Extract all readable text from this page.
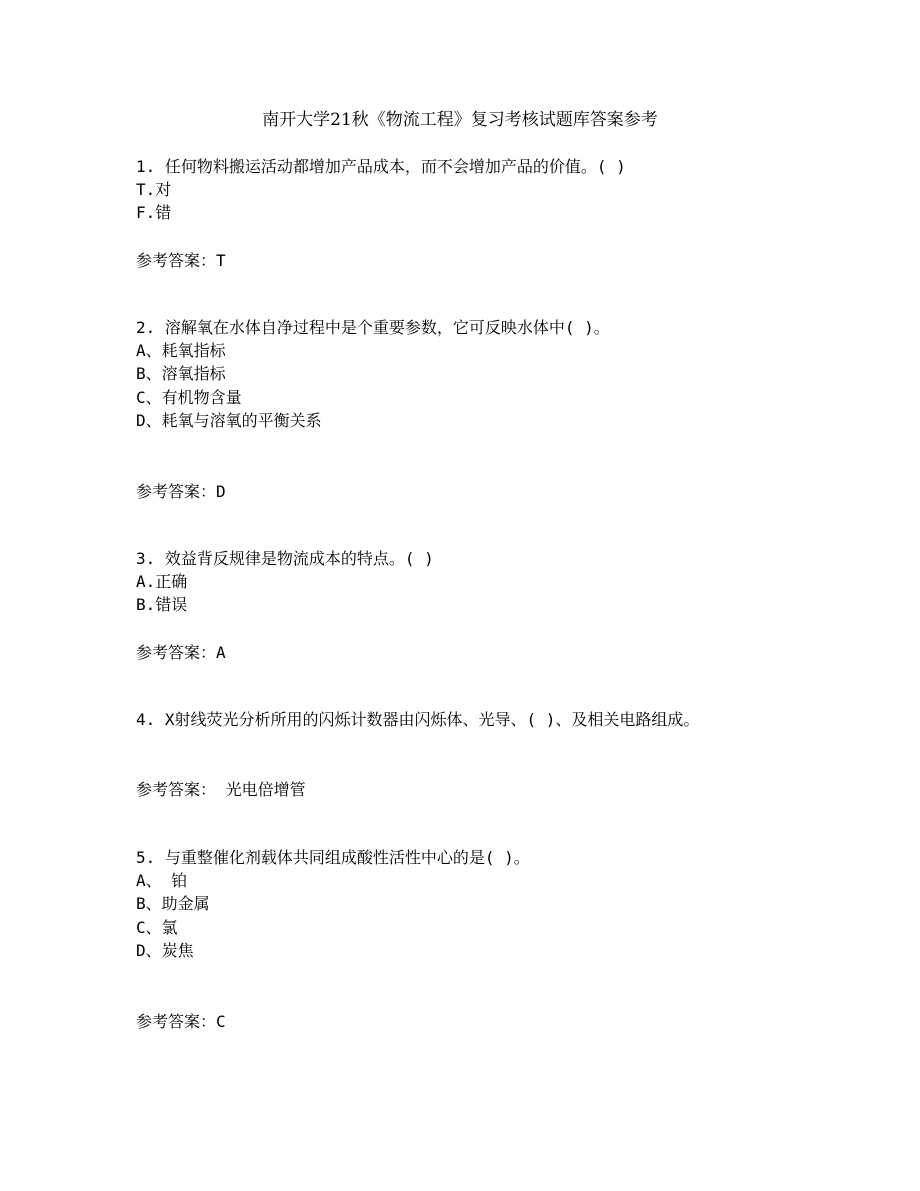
南开大学21秋《物流工程》复习考核试题库答案参考
1. 任何物料搬运活动都增加产品成本，而不会增加产品的价值。( )
T.对
F.错
参考答案：T
2. 溶解氧在水体自净过程中是个重要参数，它可反映水体中( )。
A、耗氧指标
B、溶氧指标
C、有机物含量
D、耗氧与溶氧的平衡关系
参考答案：D
3. 效益背反规律是物流成本的特点。( )
A.正确
B.错误
参考答案：A
4. X射线荧光分析所用的闪烁计数器由闪烁体、光导、( )、及相关电路组成。
参考答案： 光电倍增管
5. 与重整催化剂载体共同组成酸性活性中心的是( )。
A、 铂
B、助金属
C、氯
D、炭焦
参考答案：C
